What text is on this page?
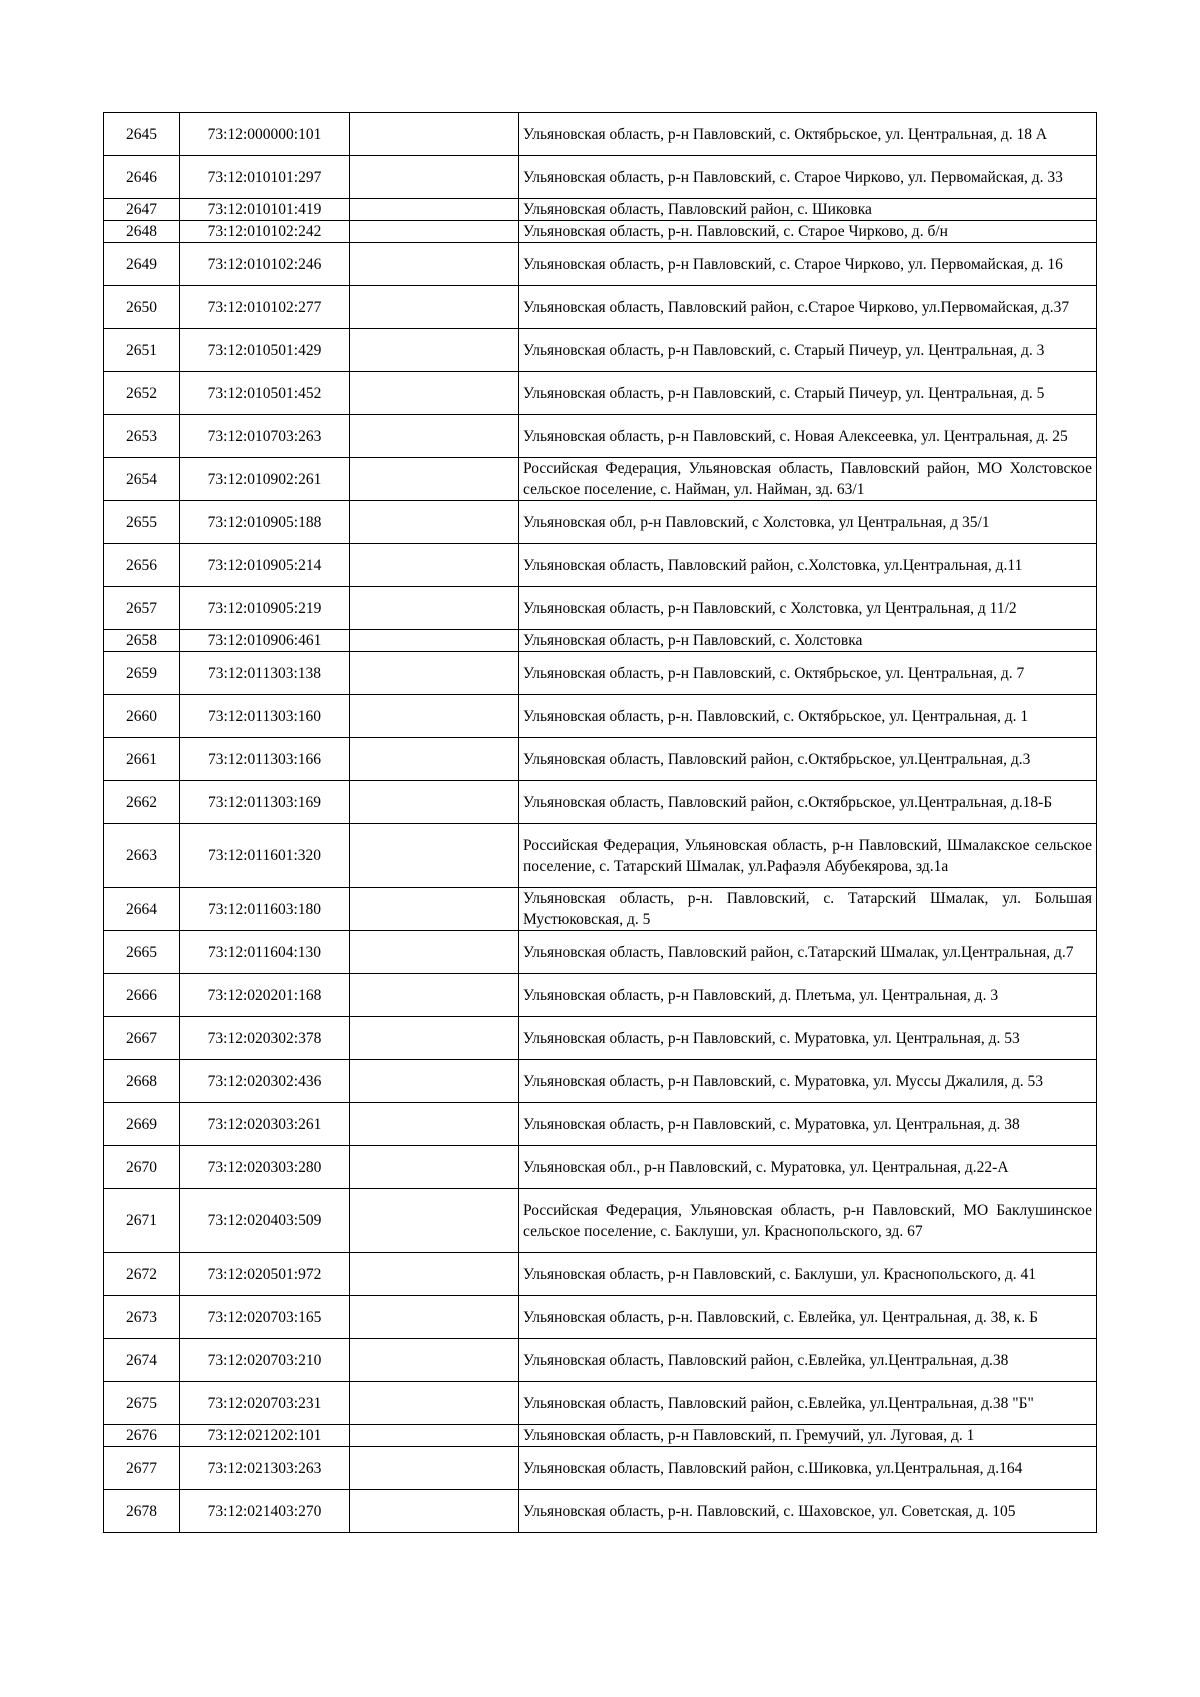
2645	73:12:000000:101		Ульяновская область, р-н Павловский, с. Октябрьское, ул. Центральная, д. 18 А
2646	73:12:010101:297		Ульяновская область, р-н Павловский, с. Старое Чирково, ул. Первомайская, д. 33
2647	73:12:010101:419		Ульяновская область, Павловский район, с. Шиковка
2648	73:12:010102:242		Ульяновская область, р-н. Павловский, с. Старое Чирково, д. б/н
2649	73:12:010102:246		Ульяновская область, р-н Павловский, с. Старое Чирково, ул. Первомайская, д. 16
2650	73:12:010102:277		Ульяновская область, Павловский район, с.Старое Чирково, ул.Первомайская, д.37
2651	73:12:010501:429		Ульяновская область, р-н Павловский, с. Старый Пичеур, ул. Центральная, д. 3
2652	73:12:010501:452		Ульяновская область, р-н Павловский, с. Старый Пичеур, ул. Центральная, д. 5
2653	73:12:010703:263		Ульяновская область, р-н Павловский, с. Новая Алексеевка, ул. Центральная, д. 25
2654	73:12:010902:261		Российская Федерация, Ульяновская область, Павловский район, МО Холстовское сельское поселение, с. Найман, ул. Найман, зд. 63/1
2655	73:12:010905:188		Ульяновская обл, р-н Павловский, с Холстовка, ул Центральная, д 35/1
2656	73:12:010905:214		Ульяновская область, Павловский район, с.Холстовка, ул.Центральная, д.11
2657	73:12:010905:219		Ульяновская область, р-н Павловский, с Холстовка, ул Центральная, д 11/2
2658	73:12:010906:461		Ульяновская область, р-н Павловский, с. Холстовка
2659	73:12:011303:138		Ульяновская область, р-н Павловский, с. Октябрьское, ул. Центральная, д. 7
2660	73:12:011303:160		Ульяновская область, р-н. Павловский, с. Октябрьское, ул. Центральная, д. 1
2661	73:12:011303:166		Ульяновская область, Павловский район, с.Октябрьское, ул.Центральная, д.3
2662	73:12:011303:169		Ульяновская область, Павловский район, с.Октябрьское, ул.Центральная, д.18-Б
2663	73:12:011601:320		Российская Федерация, Ульяновская область, р-н Павловский, Шмалакское сельское поселение, с. Татарский Шмалак, ул.Рафаэля Абубекярова, зд.1а
2664	73:12:011603:180		Ульяновская область, р-н. Павловский, с. Татарский Шмалак, ул. Большая Мустюковская, д. 5
2665	73:12:011604:130		Ульяновская область, Павловский район, с.Татарский Шмалак, ул.Центральная, д.7
2666	73:12:020201:168		Ульяновская область, р-н Павловский, д. Плетьма, ул. Центральная, д. 3
2667	73:12:020302:378		Ульяновская область, р-н Павловский, с. Муратовка, ул. Центральная, д. 53
2668	73:12:020302:436		Ульяновская область, р-н Павловский, с. Муратовка, ул. Муссы Джалиля, д. 53
2669	73:12:020303:261		Ульяновская область, р-н Павловский, с. Муратовка, ул. Центральная, д. 38
2670	73:12:020303:280		Ульяновская обл., р-н Павловский, с. Муратовка, ул. Центральная, д.22-А
2671	73:12:020403:509		Российская Федерация, Ульяновская область, р-н Павловский, МО Баклушинское сельское поселение, с. Баклуши, ул. Краснопольского, зд. 67
2672	73:12:020501:972		Ульяновская область, р-н Павловский, с. Баклуши, ул. Краснопольского, д. 41
2673	73:12:020703:165		Ульяновская область, р-н. Павловский, с. Евлейка, ул. Центральная, д. 38, к. Б
2674	73:12:020703:210		Ульяновская область, Павловский район, с.Евлейка, ул.Центральная, д.38
2675	73:12:020703:231		Ульяновская область, Павловский район, с.Евлейка, ул.Центральная, д.38 "Б"
2676	73:12:021202:101		Ульяновская область, р-н Павловский, п. Гремучий, ул. Луговая, д. 1
2677	73:12:021303:263		Ульяновская область, Павловский район, с.Шиковка, ул.Центральная, д.164
2678	73:12:021403:270		Ульяновская область, р-н. Павловский, с. Шаховское, ул. Советская, д. 105
